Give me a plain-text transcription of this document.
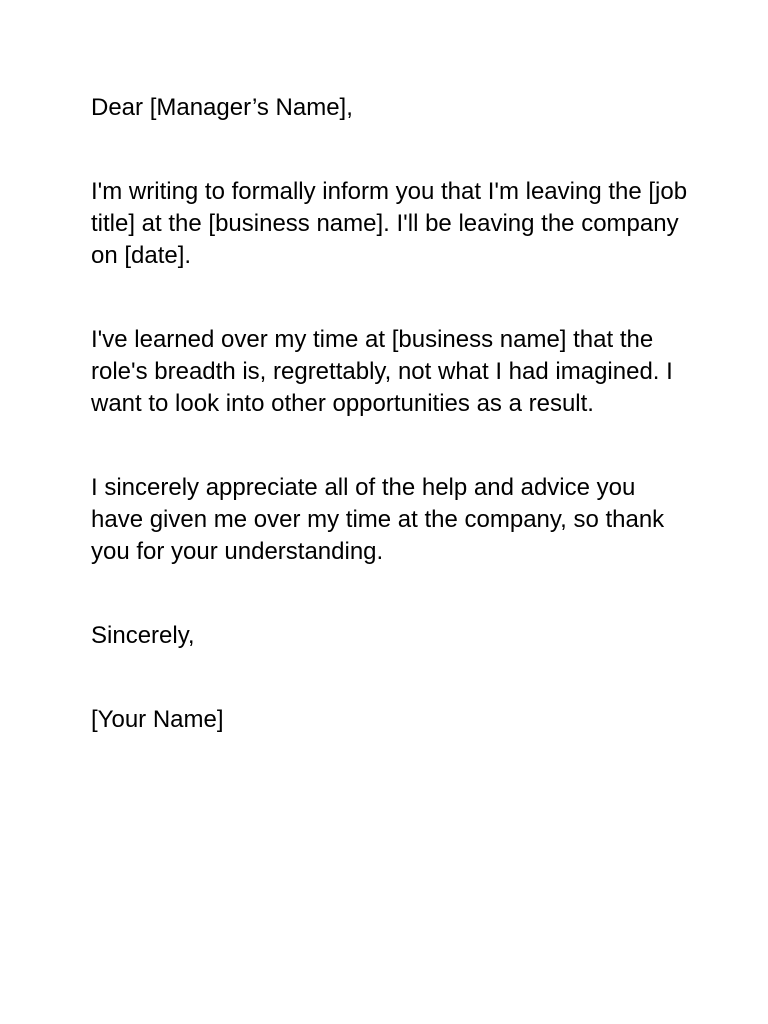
Dear [Manager’s Name],

I'm writing to formally inform you that I'm leaving the [job title] at the [business name]. I'll be leaving the company on [date].

I've learned over my time at [business name] that the role's breadth is, regrettably, not what I had imagined. I want to look into other opportunities as a result.

I sincerely appreciate all of the help and advice you have given me over my time at the company, so thank you for your understanding.

Sincerely,

[Your Name]
